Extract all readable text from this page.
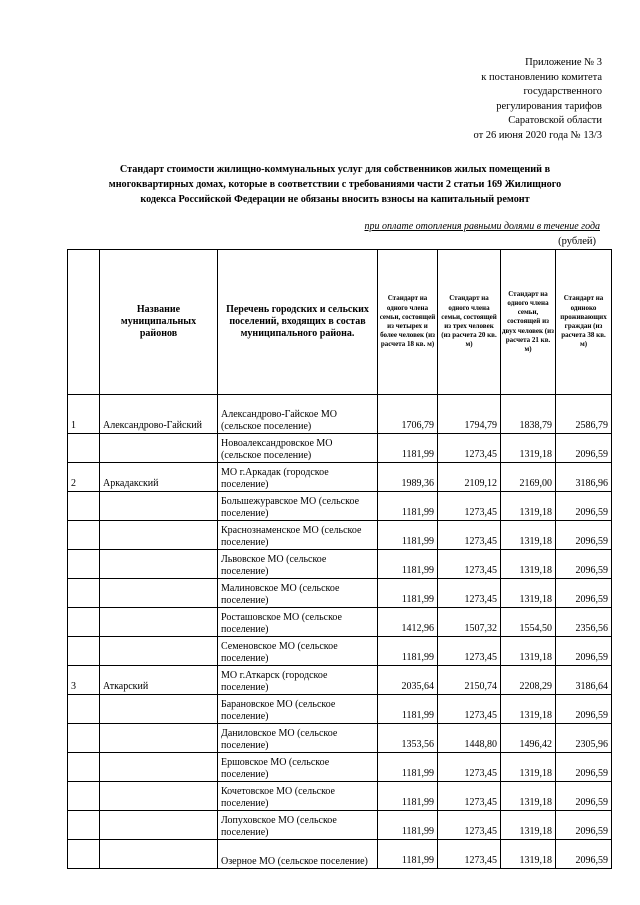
Приложение № 3
к постановлению комитета
государственного
регулирования тарифов
Саратовской области
от 26 июня 2020 года № 13/3
Стандарт стоимости жилищно-коммунальных услуг для собственников жилых помещений в многоквартирных домах, которые в соответствии с требованиями части 2 статьи 169 Жилищного кодекса Российской Федерации не обязаны вносить взносы на капитальный ремонт
при оплате отопления равными долями в течение года
(рублей)
	Название муниципальных районов	Перечень городских и сельских поселений, входящих в состав муниципального района.	Стандарт на одного члена семьи, состоящей из четырех и более человек (из расчета 18 кв. м)	Стандарт на одного члена семьи, состоящей из трех человек (из расчета 20 кв. м)	Стандарт на одного члена семьи, состоящей из двух человек (из расчета 21 кв. м)	Стандарт на одиноко проживающих граждан (из расчета 38 кв. м)
1	Александрово-Гайский	Александрово-Гайское МО (сельское поселение)	1706,79	1794,79	1838,79	2586,79
		Новоалександровское МО (сельское поселение)	1181,99	1273,45	1319,18	2096,59
2	Аркадакский	МО г.Аркадак (городское поселение)	1989,36	2109,12	2169,00	3186,96
		Большежуравское МО (сельское поселение)	1181,99	1273,45	1319,18	2096,59
		Краснознаменское МО (сельское поселение)	1181,99	1273,45	1319,18	2096,59
		Львовское МО (сельское поселение)	1181,99	1273,45	1319,18	2096,59
		Малиновское МО (сельское поселение)	1181,99	1273,45	1319,18	2096,59
		Росташовское МО (сельское поселение)	1412,96	1507,32	1554,50	2356,56
		Семеновское МО (сельское поселение)	1181,99	1273,45	1319,18	2096,59
3	Аткарский	МО г.Аткарск (городское поселение)	2035,64	2150,74	2208,29	3186,64
		Барановское МО (сельское поселение)	1181,99	1273,45	1319,18	2096,59
		Даниловское МО (сельское поселение)	1353,56	1448,80	1496,42	2305,96
		Ершовское МО (сельское поселение)	1181,99	1273,45	1319,18	2096,59
		Кочетовское МО (сельское поселение)	1181,99	1273,45	1319,18	2096,59
		Лопуховское МО (сельское поселение)	1181,99	1273,45	1319,18	2096,59
		Озерное МО (сельское поселение)	1181,99	1273,45	1319,18	2096,59
